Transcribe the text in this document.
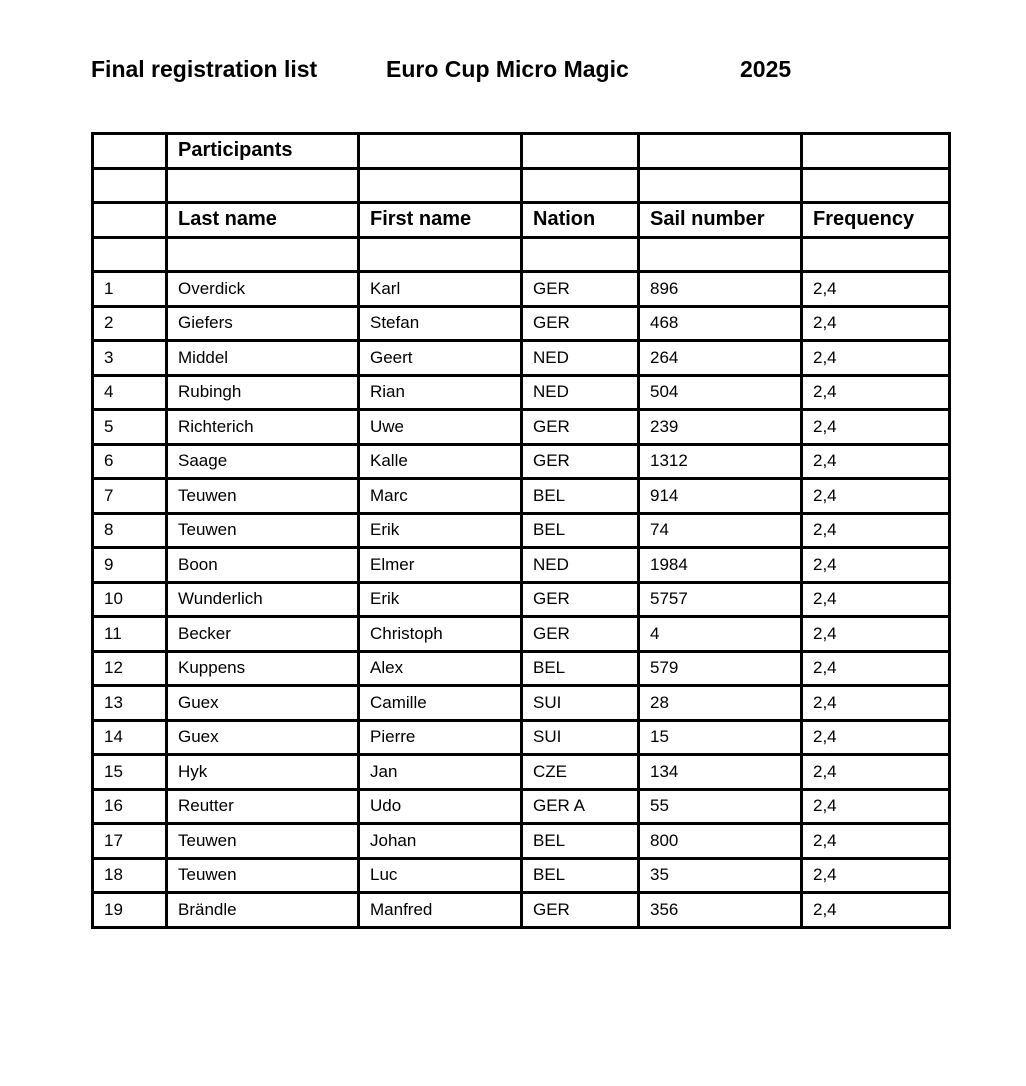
Final registration list	Euro Cup Micro Magic	2025
	Participants				

	Last name	First name	Nation	Sail number	Frequency

1	Overdick	Karl	GER	896	2,4
2	Giefers	Stefan	GER	468	2,4
3	Middel	Geert	NED	264	2,4
4	Rubingh	Rian	NED	504	2,4
5	Richterich	Uwe	GER	239	2,4
6	Saage	Kalle	GER	1312	2,4
7	Teuwen	Marc	BEL	914	2,4
8	Teuwen	Erik	BEL	74	2,4
9	Boon	Elmer	NED	1984	2,4
10	Wunderlich	Erik	GER	5757	2,4
11	Becker	Christoph	GER	4	2,4
12	Kuppens	Alex	BEL	579	2,4
13	Guex	Camille	SUI	28	2,4
14	Guex	Pierre	SUI	15	2,4
15	Hyk	Jan	CZE	134	2,4
16	Reutter	Udo	GER A	55	2,4
17	Teuwen	Johan	BEL	800	2,4
18	Teuwen	Luc	BEL	35	2,4
19	Brändle	Manfred	GER	356	2,4
